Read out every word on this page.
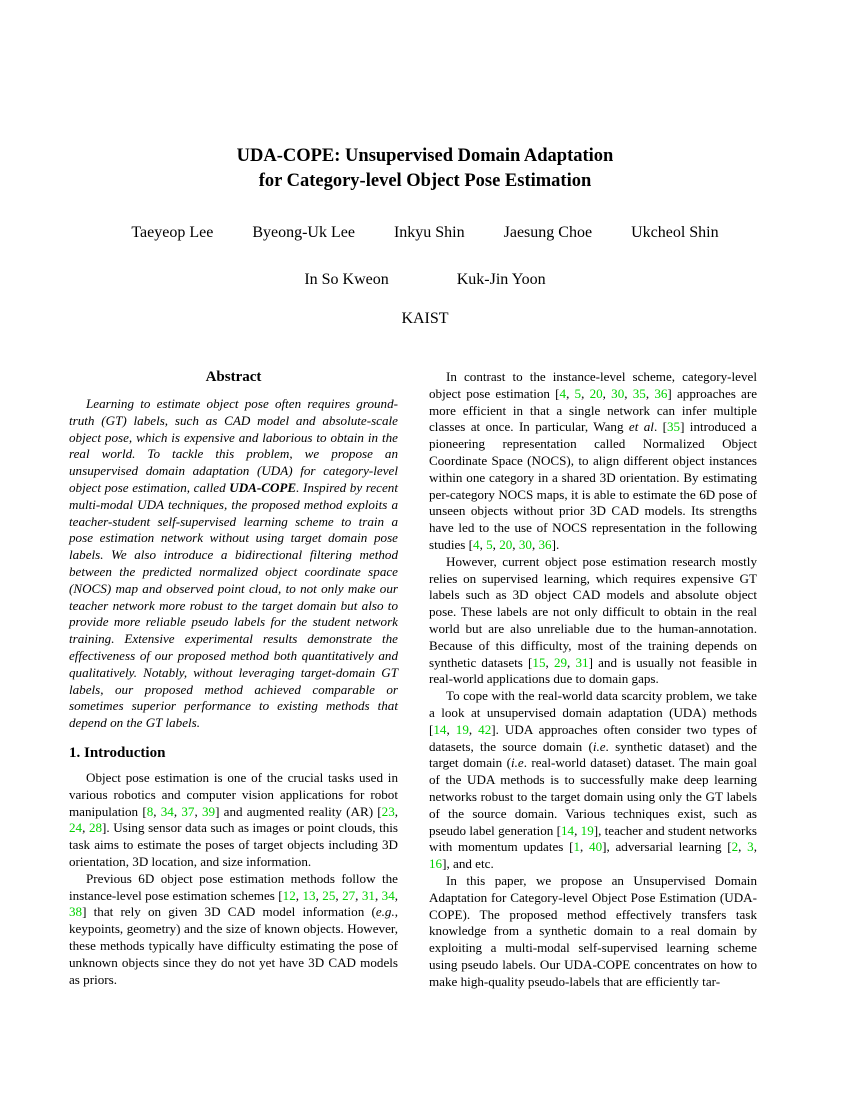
UDA-COPE: Unsupervised Domain Adaptation
for Category-level Object Pose Estimation
Taeyeop Lee Byeong-Uk Lee Inkyu Shin Jaesung Choe Ukcheol Shin
In So Kweon	Kuk-Jin Yoon
KAIST
Abstract

Learning to estimate object pose often requires ground-truth (GT) labels, such as CAD model and absolute-scale object pose, which is expensive and laborious to obtain in the real world. To tackle this problem, we propose an unsupervised domain adaptation (UDA) for category-level object pose estimation, called UDA-COPE. Inspired by recent multi-modal UDA techniques, the proposed method exploits a teacher-student self-supervised learning scheme to train a pose estimation network without using target domain pose labels. We also introduce a bidirectional filtering method between the predicted normalized object coordinate space (NOCS) map and observed point cloud, to not only make our teacher network more robust to the target domain but also to provide more reliable pseudo labels for the student network training. Extensive experimental results demonstrate the effectiveness of our proposed method both quantitatively and qualitatively. Notably, without leveraging target-domain GT labels, our proposed method achieved comparable or sometimes superior performance to existing methods that depend on the GT labels.

1. Introduction

Object pose estimation is one of the crucial tasks used in various robotics and computer vision applications for robot manipulation [8, 34, 37, 39] and augmented reality (AR) [23, 24, 28]. Using sensor data such as images or point clouds, this task aims to estimate the poses of target objects including 3D orientation, 3D location, and size information.

Previous 6D object pose estimation methods follow the instance-level pose estimation schemes [12, 13, 25, 27, 31, 34, 38] that rely on given 3D CAD model information (e.g., keypoints, geometry) and the size of known objects. However, these methods typically have difficulty estimating the pose of unknown objects since they do not yet have 3D CAD models as priors.

In contrast to the instance-level scheme, category-level object pose estimation [4, 5, 20, 30, 35, 36] approaches are more efficient in that a single network can infer multiple classes at once. In particular, Wang et al. [35] introduced a pioneering representation called Normalized Object Coordinate Space (NOCS), to align different object instances within one category in a shared 3D orientation. By estimating per-category NOCS maps, it is able to estimate the 6D pose of unseen objects without prior 3D CAD models. Its strengths have led to the use of NOCS representation in the following studies [4, 5, 20, 30, 36].

However, current object pose estimation research mostly relies on supervised learning, which requires expensive GT labels such as 3D object CAD models and absolute object pose. These labels are not only difficult to obtain in the real world but are also unreliable due to the human-annotation. Because of this difficulty, most of the training depends on synthetic datasets [15, 29, 31] and is usually not feasible in real-world applications due to domain gaps.

To cope with the real-world data scarcity problem, we take a look at unsupervised domain adaptation (UDA) methods [14, 19, 42]. UDA approaches often consider two types of datasets, the source domain (i.e. synthetic dataset) and the target domain (i.e. real-world dataset) dataset. The main goal of the UDA methods is to successfully make deep learning networks robust to the target domain using only the GT labels of the source domain. Various techniques exist, such as pseudo label generation [14, 19], teacher and student networks with momentum updates [1, 40], adversarial learning [2, 3, 16], and etc.

In this paper, we propose an Unsupervised Domain Adaptation for Category-level Object Pose Estimation (UDA-COPE). The proposed method effectively transfers task knowledge from a synthetic domain to a real domain by exploiting a multi-modal self-supervised learning scheme using pseudo labels. Our UDA-COPE concentrates on how to make high-quality pseudo-labels that are efficiently tar-
